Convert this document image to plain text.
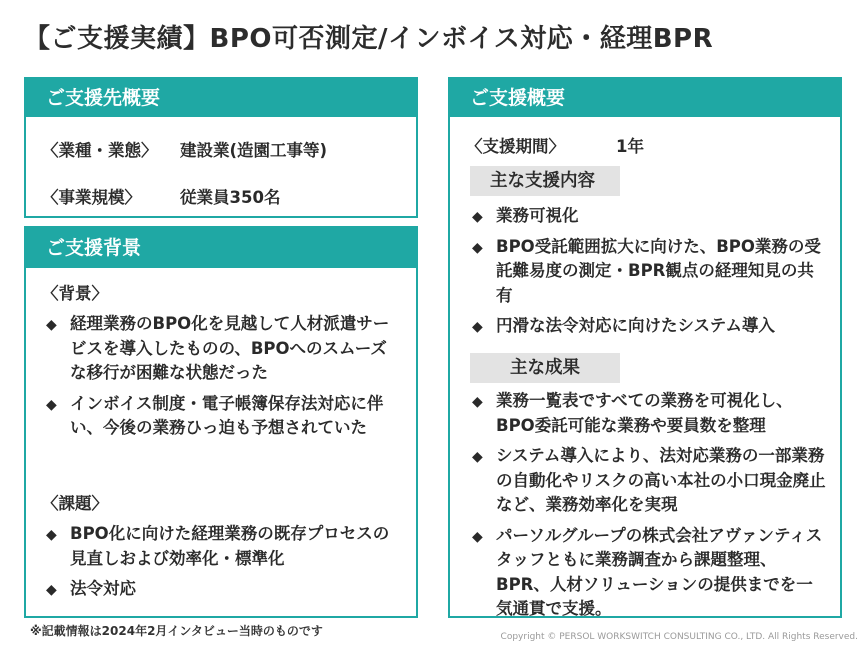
【ご支援実績】BPO可否測定/インボイス対応・経理BPR
ご支援先概要
〈業種・業態〉 建設業(造園工事等)
〈事業規模〉 従業員350名
ご支援背景
〈背景〉
◆ 経理業務のBPO化を見越して人材派遣サービスを導入したものの、BPOへのスムーズな移行が困難な状態だった
◆ インボイス制度・電子帳簿保存法対応に伴い、今後の業務ひっ迫も予想されていた
〈課題〉
◆ BPO化に向けた経理業務の既存プロセスの見直しおよび効率化・標準化
◆ 法令対応
ご支援概要
〈支援期間〉	1年
主な支援内容
◆ 業務可視化
◆ BPO受託範囲拡大に向けた、BPO業務の受託難易度の測定・BPR観点の経理知見の共有
◆ 円滑な法令対応に向けたシステム導入
主な成果
◆ 業務一覧表ですべての業務を可視化し、BPO委託可能な業務や要員数を整理
◆ システム導入により、法対応業務の一部業務の自動化やリスクの高い本社の小口現金廃止など、業務効率化を実現
◆ パーソルグループの株式会社アヴァンティスタッフともに業務調査から課題整理、BPR、人材ソリューションの提供までを一気通貫で支援。
※記載情報は2024年2月インタビュー当時のものです	Copyright © PERSOL WORKSWITCH CONSULTING CO., LTD. All Rights Reserved.
